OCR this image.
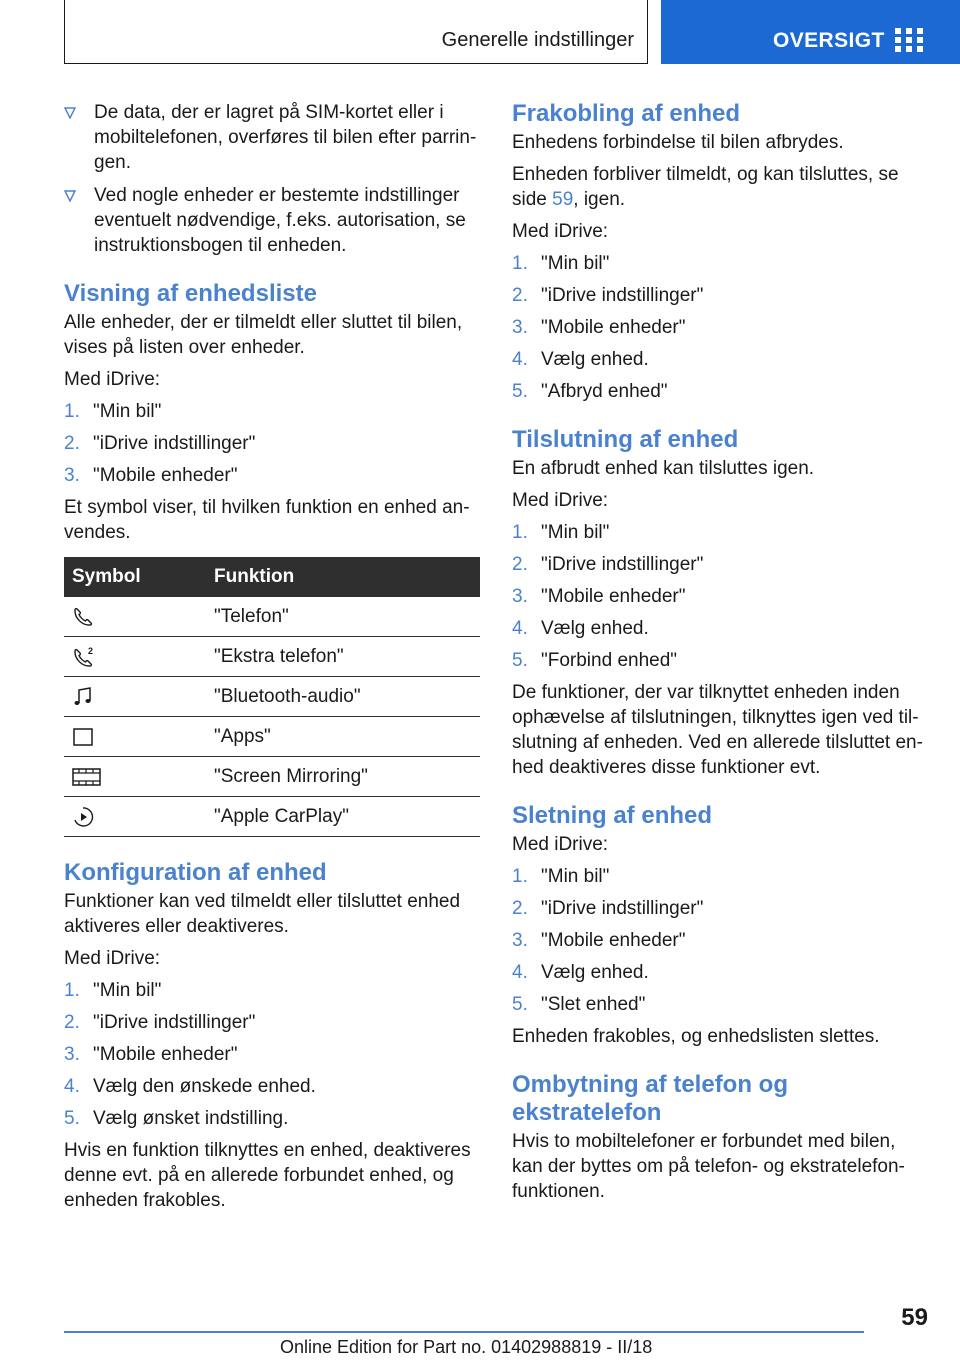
Generelle indstillinger	OVERSIGT
De data, der er lagret på SIM-kortet eller i mobiltelefonen, overføres til bilen efter parrin-gen.
Ved nogle enheder er bestemte indstillinger eventuelt nødvendige, f.eks. autorisation, se instruktionsbogen til enheden.
Visning af enhedsliste

Alle enheder, der er tilmeldt eller sluttet til bilen, vises på listen over enheder.

Med iDrive:

1. "Min bil"
2. "iDrive indstillinger"
3. "Mobile enheder"

Et symbol viser, til hvilken funktion en enhed an-vendes.

Symbol	Funktion

	"Telefon"

2	"Ekstra telefon"

	"Bluetooth-audio"

	"Apps"

	"Screen Mirroring"

	"Apple CarPlay"
Konfiguration af enhed

Funktioner kan ved tilmeldt eller tilsluttet enhed aktiveres eller deaktiveres.

Med iDrive:

1. "Min bil"
2. "iDrive indstillinger"
3. "Mobile enheder"
4. Vælg den ønskede enhed.
5. Vælg ønsket indstilling.

Hvis en funktion tilknyttes en enhed, deaktiveres denne evt. på en allerede forbundet enhed, og enheden frakobles.

Frakobling af enhed

Enhedens forbindelse til bilen afbrydes.

Enheden forbliver tilmeldt, og kan tilsluttes, se side 59, igen.

Med iDrive:

1. "Min bil"
2. "iDrive indstillinger"
3. "Mobile enheder"
4. Vælg enhed.
5. "Afbryd enhed"
Tilslutning af enhed

En afbrudt enhed kan tilsluttes igen.

Med iDrive:

1. "Min bil"
2. "iDrive indstillinger"
3. "Mobile enheder"
4. Vælg enhed.
5. "Forbind enhed"

De funktioner, der var tilknyttet enheden inden ophævelse af tilslutningen, tilknyttes igen ved til-slutning af enheden. Ved en allerede tilsluttet en-hed deaktiveres disse funktioner evt.

Sletning af enhed

Med iDrive:

1. "Min bil"
2. "iDrive indstillinger"
3. "Mobile enheder"
4. Vælg enhed.
5. "Slet enhed"

Enheden frakobles, og enhedslisten slettes.

Ombytning af telefon og ekstratelefon

Hvis to mobiltelefoner er forbundet med bilen, kan der byttes om på telefon- og ekstratelefon-funktionen.

59
Online Edition for Part no. 01402988819 - II/18
